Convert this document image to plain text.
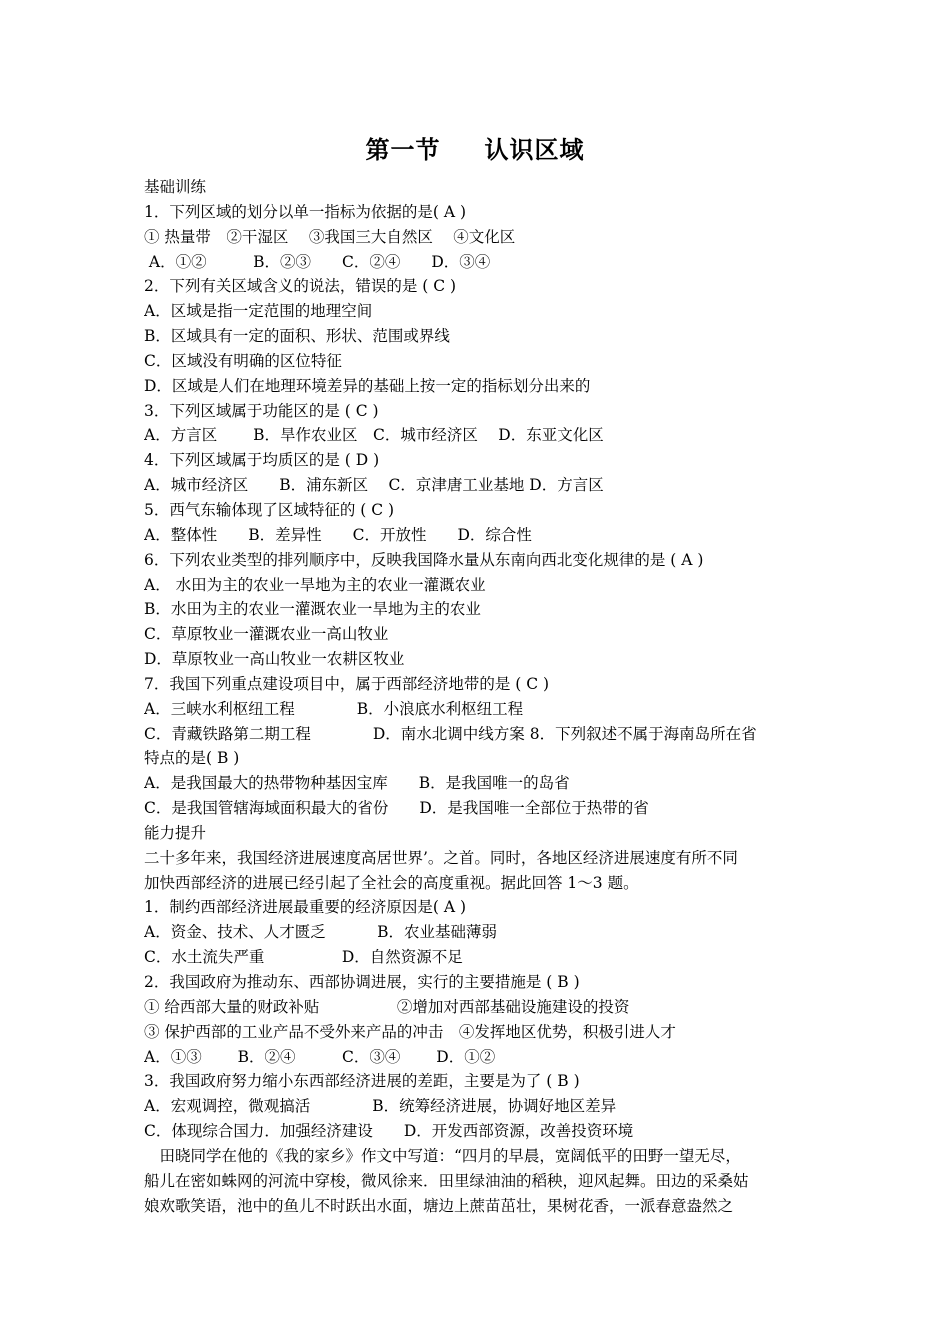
第一节 认识区域
基础训练
1．下列区域的划分以单一指标为依据的是( A )
① 热量带　②干湿区　 ③我国三大自然区　 ④文化区
A．①②　　　B．②③　　C．②④　　D．③④
2．下列有关区域含义的说法，错误的是 ( C )
A．区域是指一定范围的地理空间
B．区域具有一定的面积、形状、范围或界线
C．区域没有明确的区位特征
D．区域是人们在地理环境差异的基础上按一定的指标划分出来的
3．下列区域属于功能区的是 ( C )
A．方言区　　 B．旱作农业区　C．城市经济区　 D．东亚文化区
4．下列区域属于均质区的是 ( D )
A．城市经济区　　B．浦东新区　 C．京津唐工业基地 D．方言区
5．西气东输体现了区域特征的 ( C )
A．整体性　　B．差异性　　C．开放性　　D．综合性
6．下列农业类型的排列顺序中，反映我国降水量从东南向西北变化规律的是 ( A )
A． 水田为主的农业一旱地为主的农业一灌溉农业
B．水田为主的农业一灌溉农业一旱地为主的农业
C．草原牧业一灌溉农业一高山牧业
D．草原牧业一高山牧业一农耕区牧业
7．我国下列重点建设项目中，属于西部经济地带的是 ( C )
A．三峡水利枢纽工程　　　　B．小浪底水利枢纽工程
C．青藏铁路第二期工程　　　　D．南水北调中线方案 8．下列叙述不属于海南岛所在省
特点的是( B )
A．是我国最大的热带物种基因宝库　　B．是我国唯一的岛省
C．是我国管辖海域面积最大的省份　　D．是我国唯一全部位于热带的省
能力提升
二十多年来，我国经济进展速度高居世界’。之首。同时，各地区经济进展速度有所不同
加快西部经济的进展已经引起了全社会的高度重视。据此回答 1～3 题。
1．制约西部经济进展最重要的经济原因是( A )
A．资金、技术、人才匮乏　　　 B．农业基础薄弱
C．水土流失严重　　　　　D．自然资源不足
2．我国政府为推动东、西部协调进展，实行的主要措施是 ( B )
① 给西部大量的财政补贴　　　　　②增加对西部基础设施建设的投资
③ 保护西部的工业产品不受外来产品的冲击　④发挥地区优势，积极引进人才
A．①③　　 B．②④　　　C．③④　　 D．①②
3．我国政府努力缩小东西部经济进展的差距，主要是为了 ( B )
A．宏观调控，微观搞活　　　　B．统筹经济进展，协调好地区差异
C．体现综合国力．加强经济建设　　D．开发西部资源，改善投资环境
　田晓同学在他的《我的家乡》作文中写道：“四月的早晨，宽阔低平的田野一望无尽，
船儿在密如蛛网的河流中穿梭，微风徐来．田里绿油油的稻秧，迎风起舞。田边的采桑姑
娘欢歌笑语，池中的鱼儿不时跃出水面，塘边上蔗苗茁壮，果树花香，一派春意盎然之
